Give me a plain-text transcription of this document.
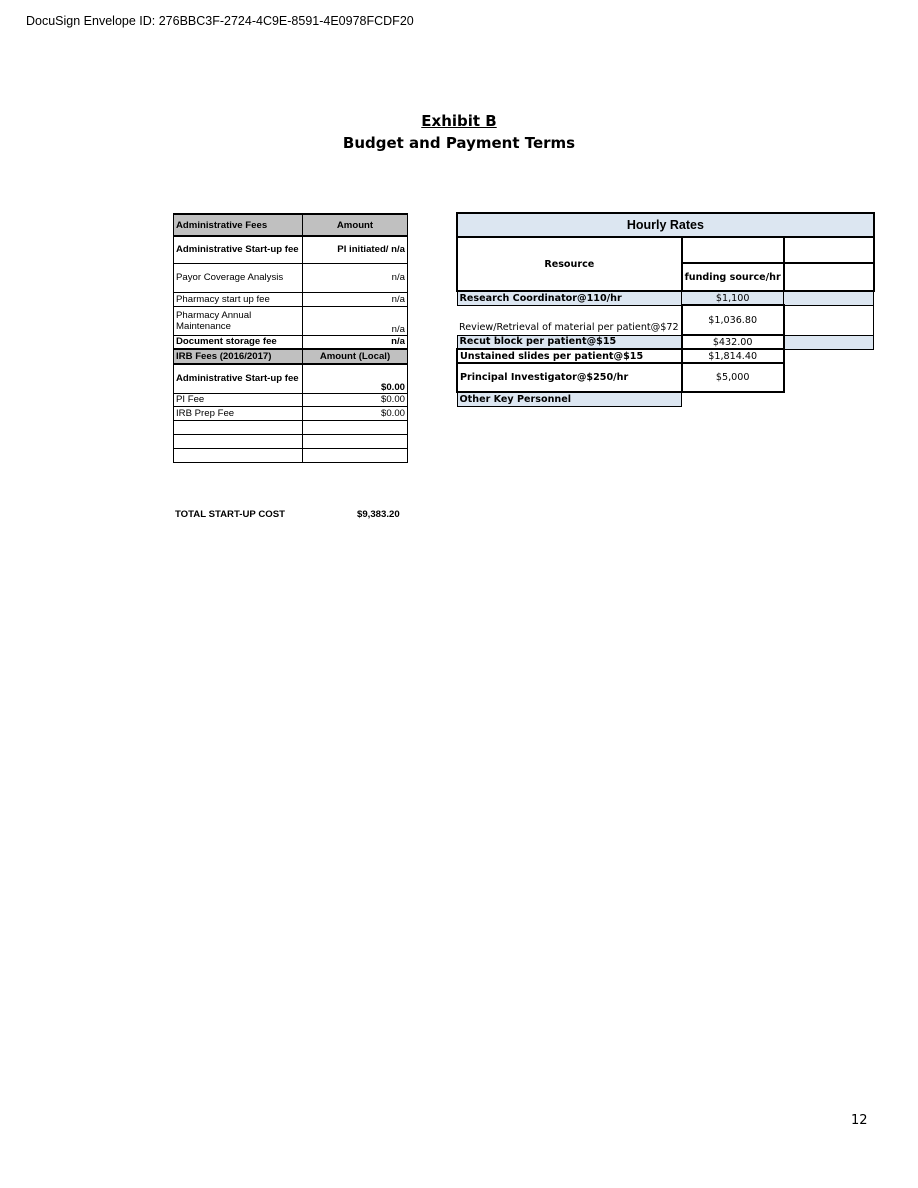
DocuSign Envelope ID: 276BBC3F-2724-4C9E-8591-4E0978FCDF20
Exhibit B
Budget and Payment Terms
Administrative Fees	Amount
Administrative Start-up fee	PI initiated/ n/a
Payor Coverage Analysis	n/a
Pharmacy start up fee	n/a
Pharmacy Annual Maintenance	n/a
Document storage fee	n/a
IRB Fees (2016/2017)	Amount (Local)
Administrative Start-up fee	$0.00
PI Fee	$0.00
IRB Prep Fee	$0.00

TOTAL START-UP COST	$9,383.20
Hourly Rates		
Resource		
	funding source/hr	
Research Coordinator@110/hr	$1,100	
Review/Retrieval of material per patient@$72	$1,036.80	
Recut block per patient@$15	$432.00	
Unstained slides per patient@$15	$1,814.40	
Principal Investigator@$250/hr	$5,000	
Other Key Personnel		
12
